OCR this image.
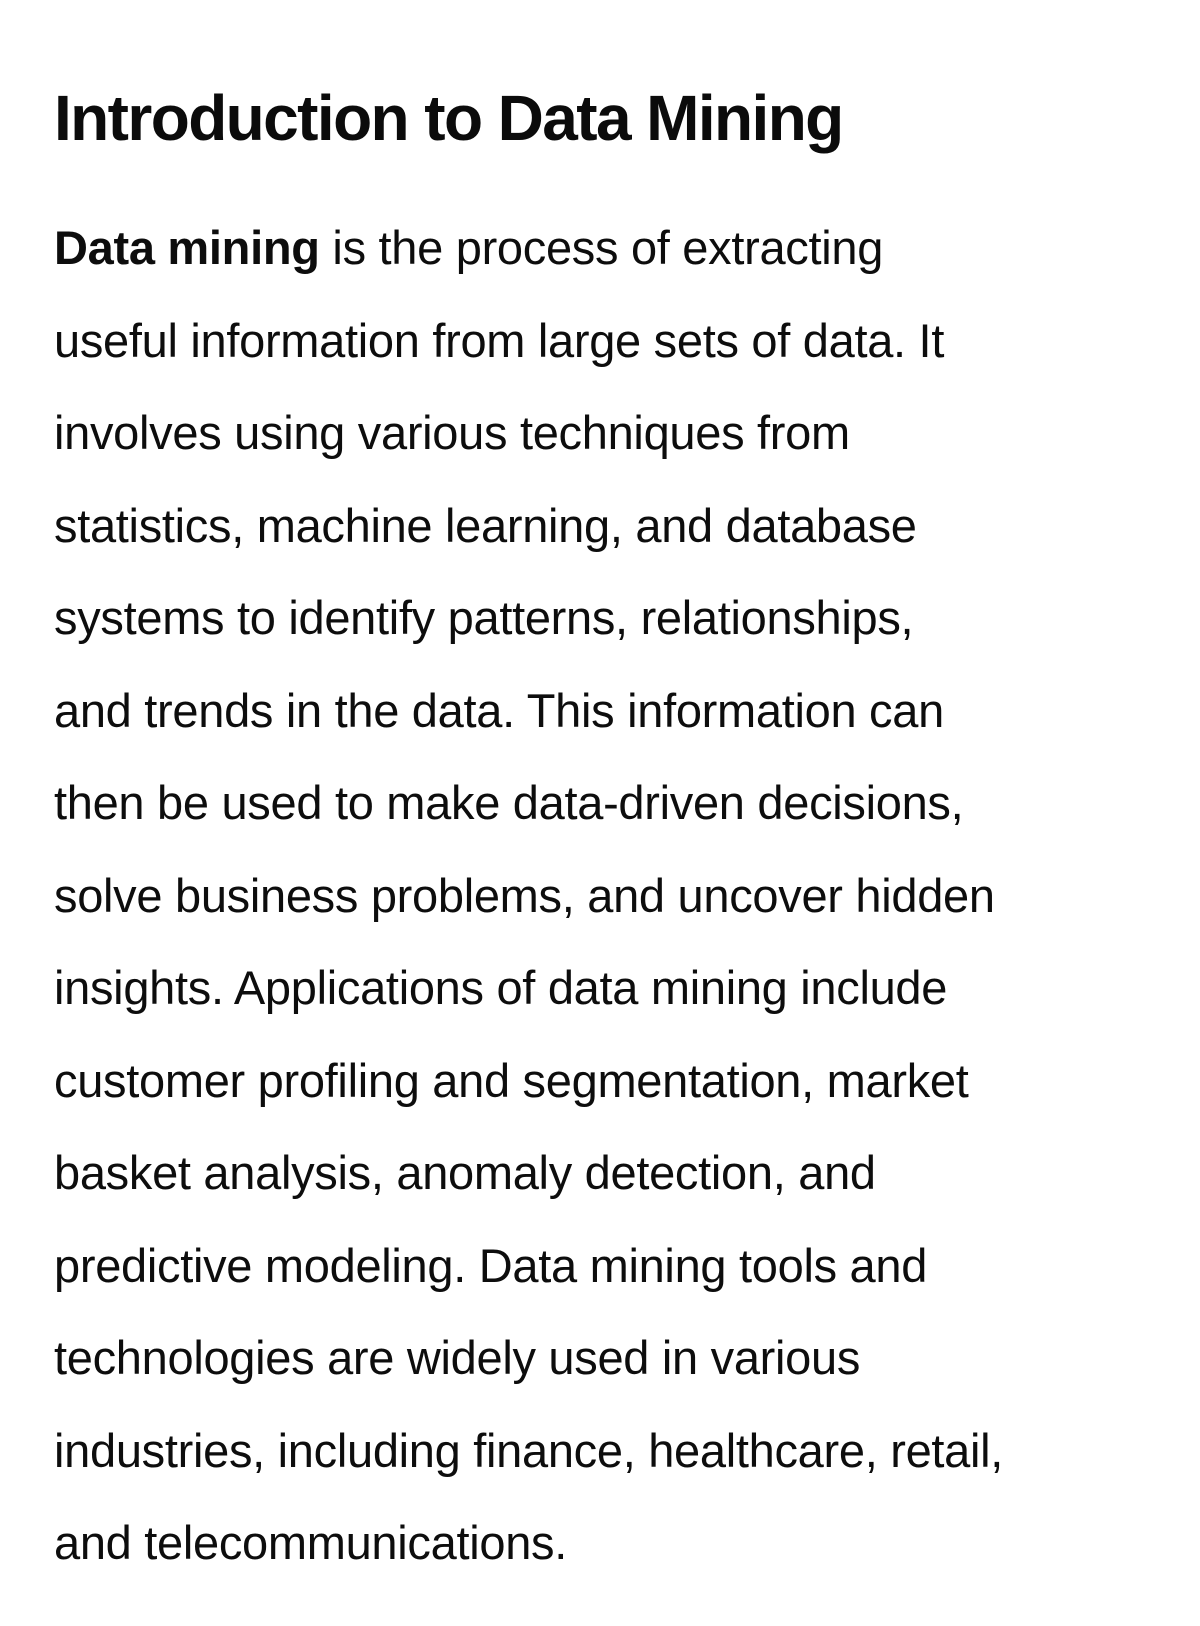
Introduction to Data Mining

Data mining is the process of extracting
useful information from large sets of data. It
involves using various techniques from
statistics, machine learning, and database
systems to identify patterns, relationships,
and trends in the data. This information can
then be used to make data-driven decisions,
solve business problems, and uncover hidden
insights. Applications of data mining include
customer profiling and segmentation, market
basket analysis, anomaly detection, and
predictive modeling. Data mining tools and
technologies are widely used in various
industries, including finance, healthcare, retail,
and telecommunications.
